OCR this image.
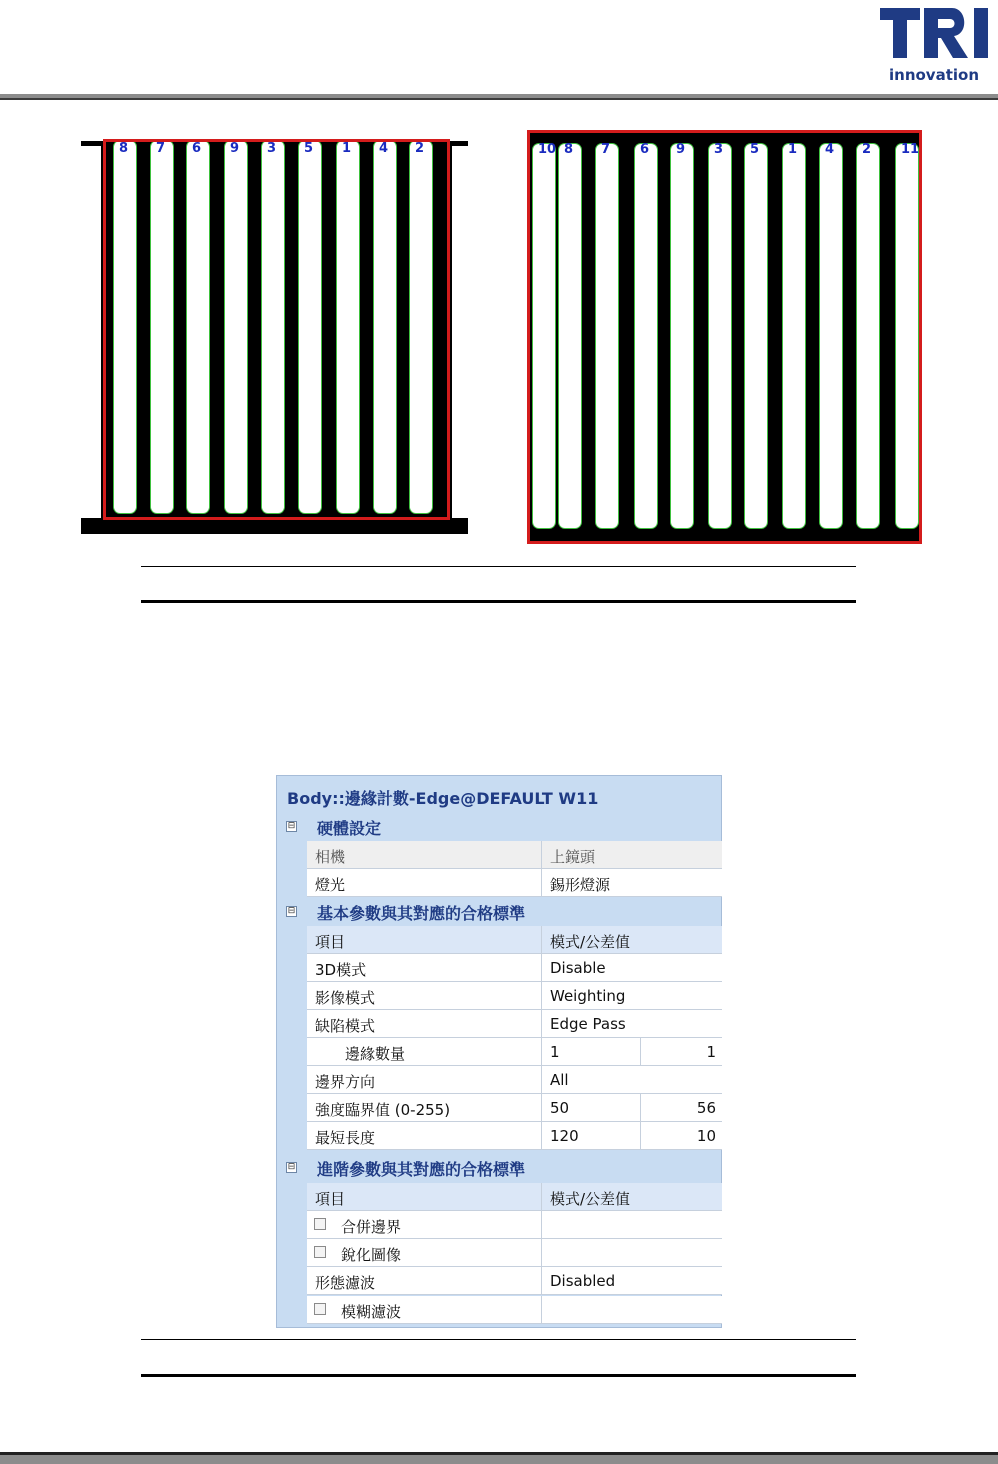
innovation
8 7 6 9 3 5 1 4 2	10 8 7 6 9 3 5 1 4 2 11
Body::邊緣計數-Edge@DEFAULT W11
⊟ 硬體設定
相機	上鏡頭
燈光	錫形燈源
⊟ 基本參數與其對應的合格標準
項目	模式/公差值
3D模式	Disable
影像模式	Weighting
缺陷模式	Edge Pass
邊緣數量	1	1
邊界方向	All
強度臨界值 (0-255)	50	56
最短長度	120	10
⊟ 進階參數與其對應的合格標準
項目	模式/公差值
合併邊界
銳化圖像
形態濾波	Disabled
模糊濾波
